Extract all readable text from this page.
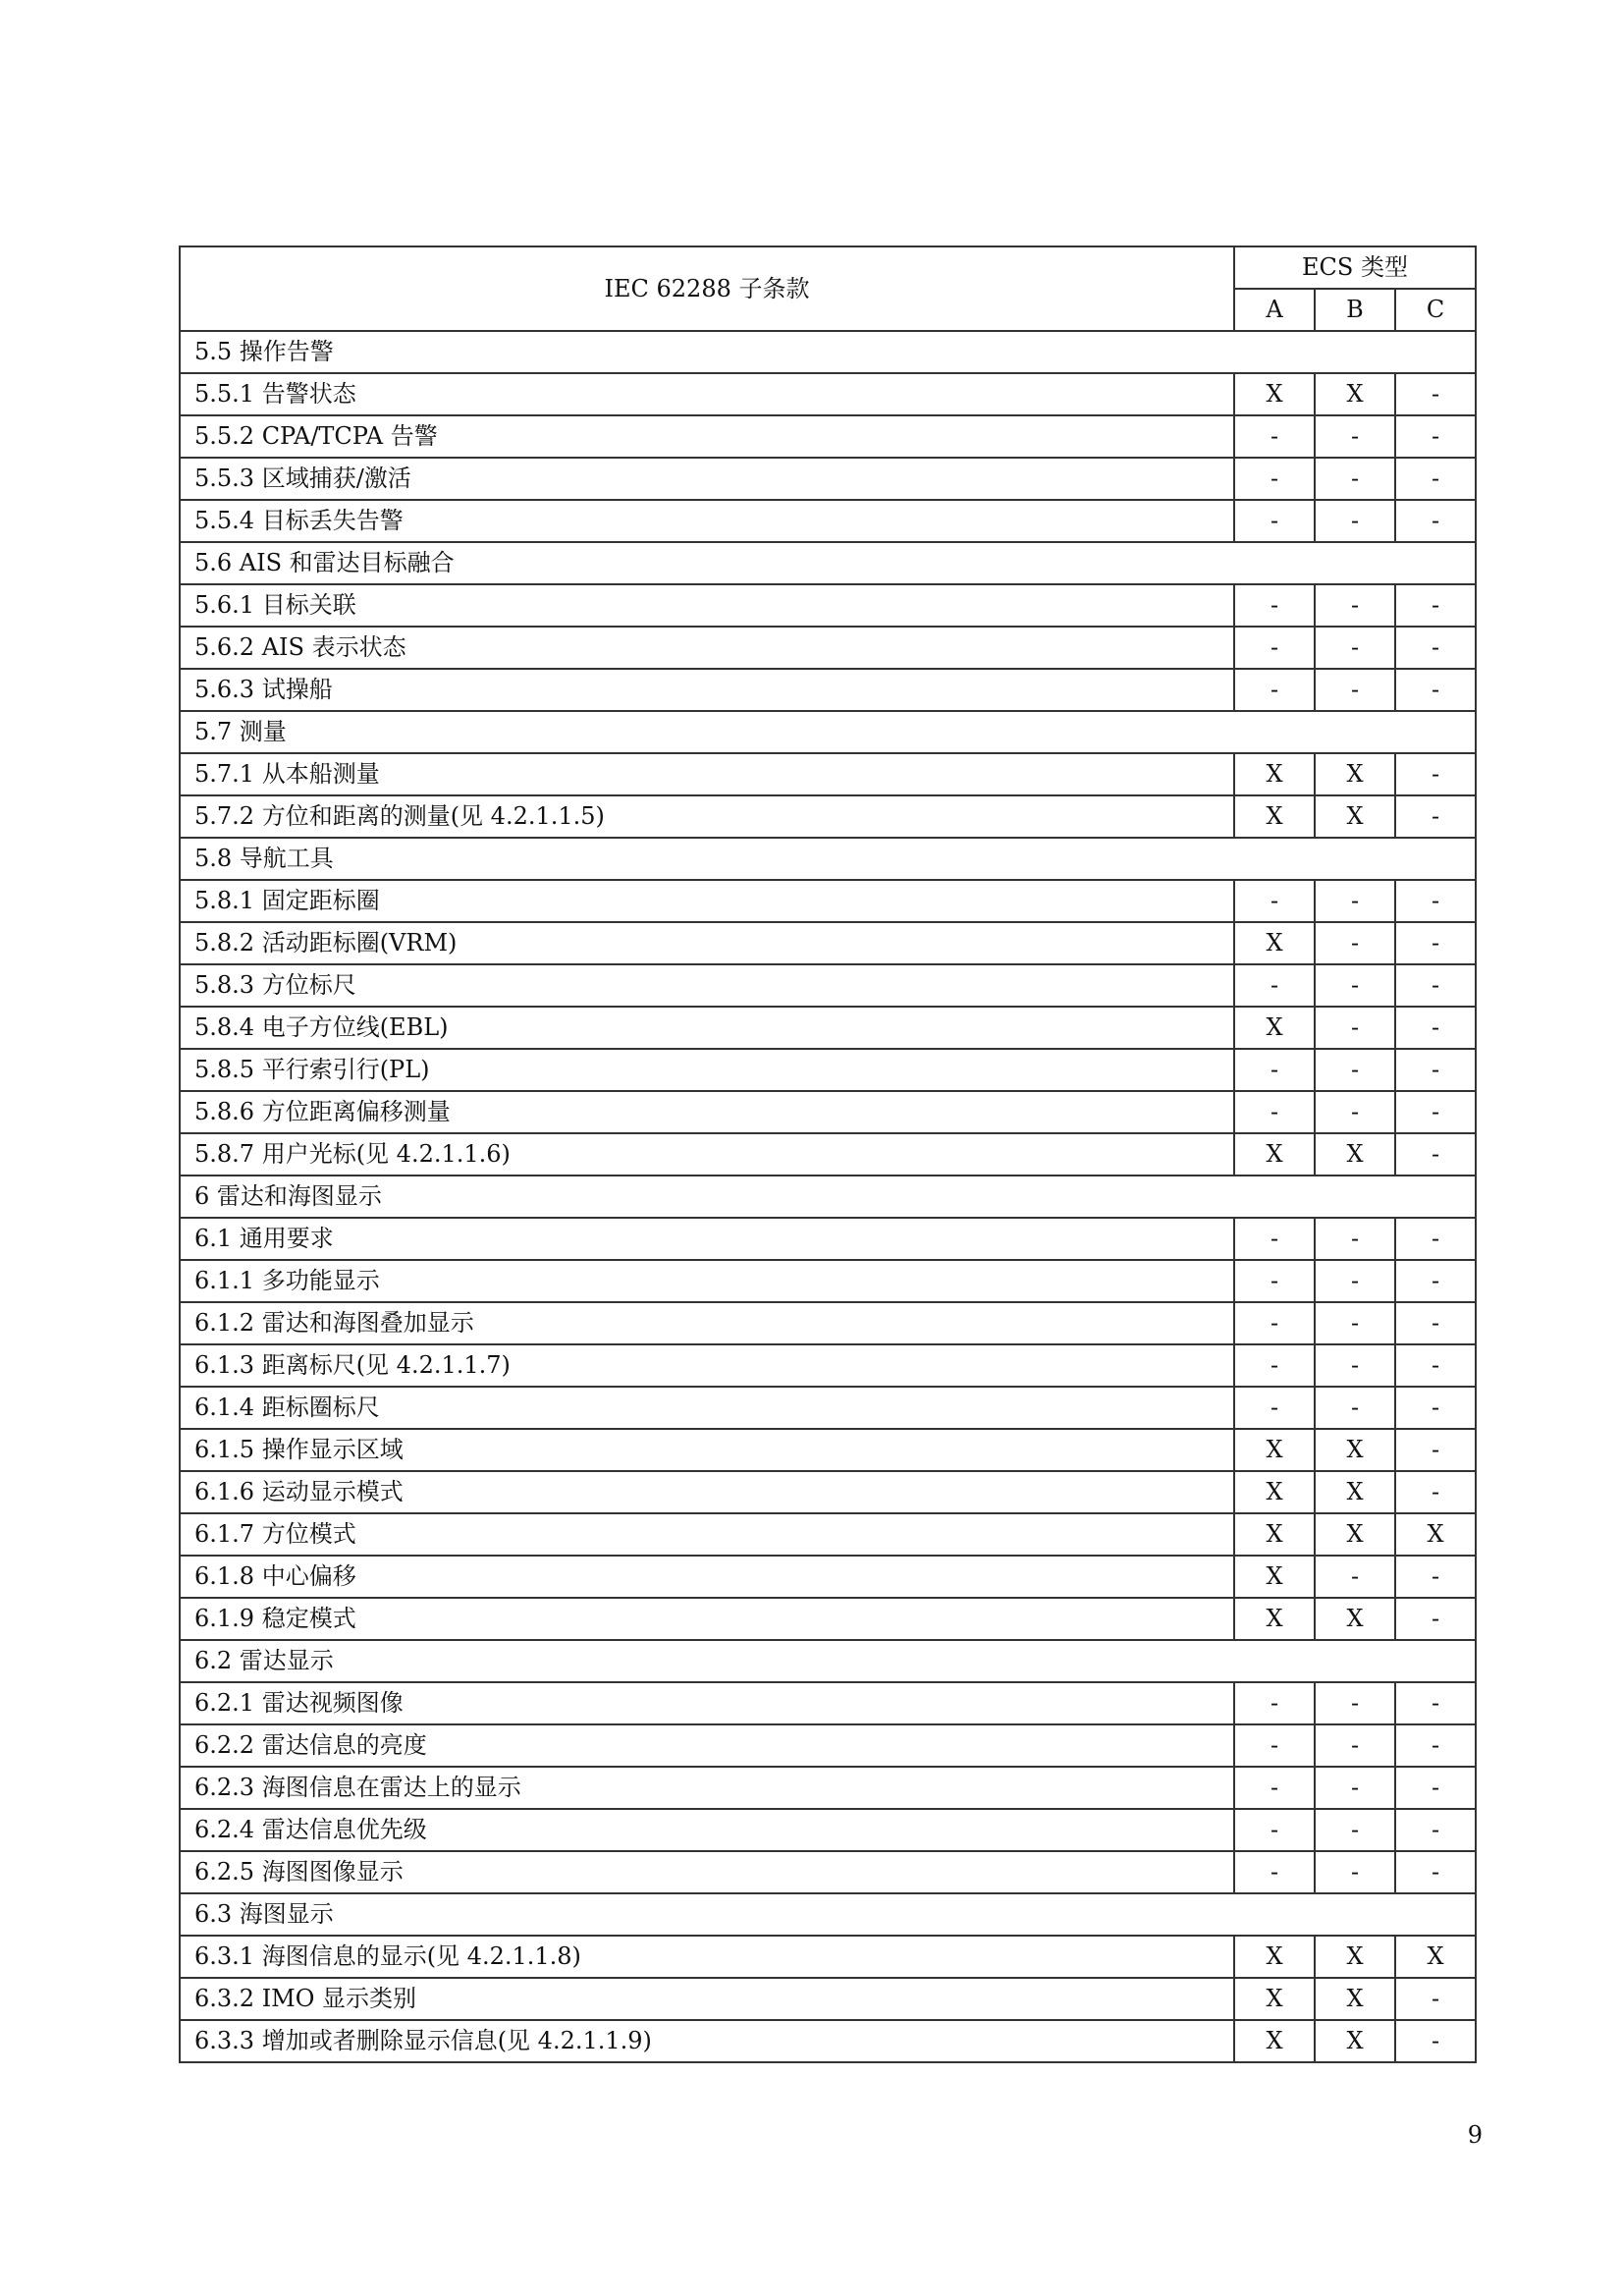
IEC 62288 子条款	ECS 类型		
	A	B	C
5.5 操作告警			
5.5.1 告警状态	X	X	-
5.5.2 CPA/TCPA 告警	-	-	-
5.5.3 区域捕获/激活	-	-	-
5.5.4 目标丢失告警	-	-	-
5.6 AIS 和雷达目标融合			
5.6.1 目标关联	-	-	-
5.6.2 AIS 表示状态	-	-	-
5.6.3 试操船	-	-	-
5.7 测量			
5.7.1 从本船测量	X	X	-
5.7.2 方位和距离的测量(见 4.2.1.1.5)	X	X	-
5.8 导航工具			
5.8.1 固定距标圈	-	-	-
5.8.2 活动距标圈(VRM)	X	-	-
5.8.3 方位标尺	-	-	-
5.8.4 电子方位线(EBL)	X	-	-
5.8.5 平行索引行(PL)	-	-	-
5.8.6 方位距离偏移测量	-	-	-
5.8.7 用户光标(见 4.2.1.1.6)	X	X	-
6 雷达和海图显示			
6.1 通用要求	-	-	-
6.1.1 多功能显示	-	-	-
6.1.2 雷达和海图叠加显示	-	-	-
6.1.3 距离标尺(见 4.2.1.1.7)	-	-	-
6.1.4 距标圈标尺	-	-	-
6.1.5 操作显示区域	X	X	-
6.1.6 运动显示模式	X	X	-
6.1.7 方位模式	X	X	X
6.1.8 中心偏移	X	-	-
6.1.9 稳定模式	X	X	-
6.2 雷达显示			
6.2.1 雷达视频图像	-	-	-
6.2.2 雷达信息的亮度	-	-	-
6.2.3 海图信息在雷达上的显示	-	-	-
6.2.4 雷达信息优先级	-	-	-
6.2.5 海图图像显示	-	-	-
6.3 海图显示			
6.3.1 海图信息的显示(见 4.2.1.1.8)	X	X	X
6.3.2 IMO 显示类别	X	X	-
6.3.3 增加或者删除显示信息(见 4.2.1.1.9)	X	X	-
9
